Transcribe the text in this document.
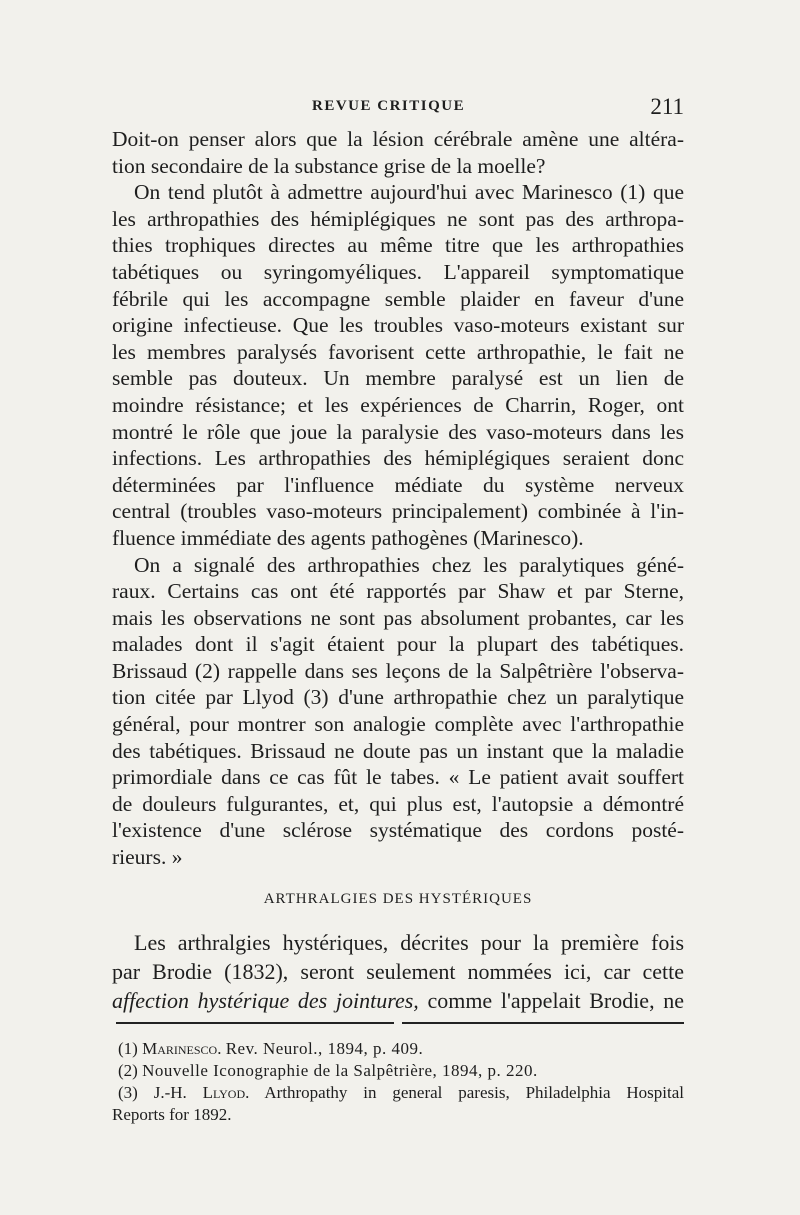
REVUE CRITIQUE	211
Doit-on penser alors que la lésion cérébrale amène une altéra-
tion secondaire de la substance grise de la moelle?
On tend plutôt à admettre aujourd'hui avec Marinesco (1) que
les arthropathies des hémiplégiques ne sont pas des arthropa-
thies trophiques directes au même titre que les arthropathies
tabétiques ou syringomyéliques. L'appareil symptomatique
fébrile qui les accompagne semble plaider en faveur d'une
origine infectieuse. Que les troubles vaso-moteurs existant sur
les membres paralysés favorisent cette arthropathie, le fait ne
semble pas douteux. Un membre paralysé est un lien de
moindre résistance; et les expériences de Charrin, Roger, ont
montré le rôle que joue la paralysie des vaso-moteurs dans les
infections. Les arthropathies des hémiplégiques seraient donc
déterminées par l'influence médiate du système nerveux
central (troubles vaso-moteurs principalement) combinée à l'in-
fluence immédiate des agents pathogènes (Marinesco).
On a signalé des arthropathies chez les paralytiques géné-
raux. Certains cas ont été rapportés par Shaw et par Sterne,
mais les observations ne sont pas absolument probantes, car les
malades dont il s'agit étaient pour la plupart des tabétiques.
Brissaud (2) rappelle dans ses leçons de la Salpêtrière l'observa-
tion citée par Llyod (3) d'une arthropathie chez un paralytique
général, pour montrer son analogie complète avec l'arthropathie
des tabétiques. Brissaud ne doute pas un instant que la maladie
primordiale dans ce cas fût le tabes. « Le patient avait souffert
de douleurs fulgurantes, et, qui plus est, l'autopsie a démontré
l'existence d'une sclérose systématique des cordons posté-
rieurs. »
ARTHRALGIES DES HYSTÉRIQUES
Les arthralgies hystériques, décrites pour la première fois
par Brodie (1832), seront seulement nommées ici, car cette
affection hystérique des jointures, comme l'appelait Brodie, ne
(1) Marinesco. Rev. Neurol., 1894, p. 409.
(2) Nouvelle Iconographie de la Salpêtrière, 1894, p. 220.
(3) J.-H. Llyod. Arthropathy in general paresis, Philadelphia Hospital
Reports for 1892.
